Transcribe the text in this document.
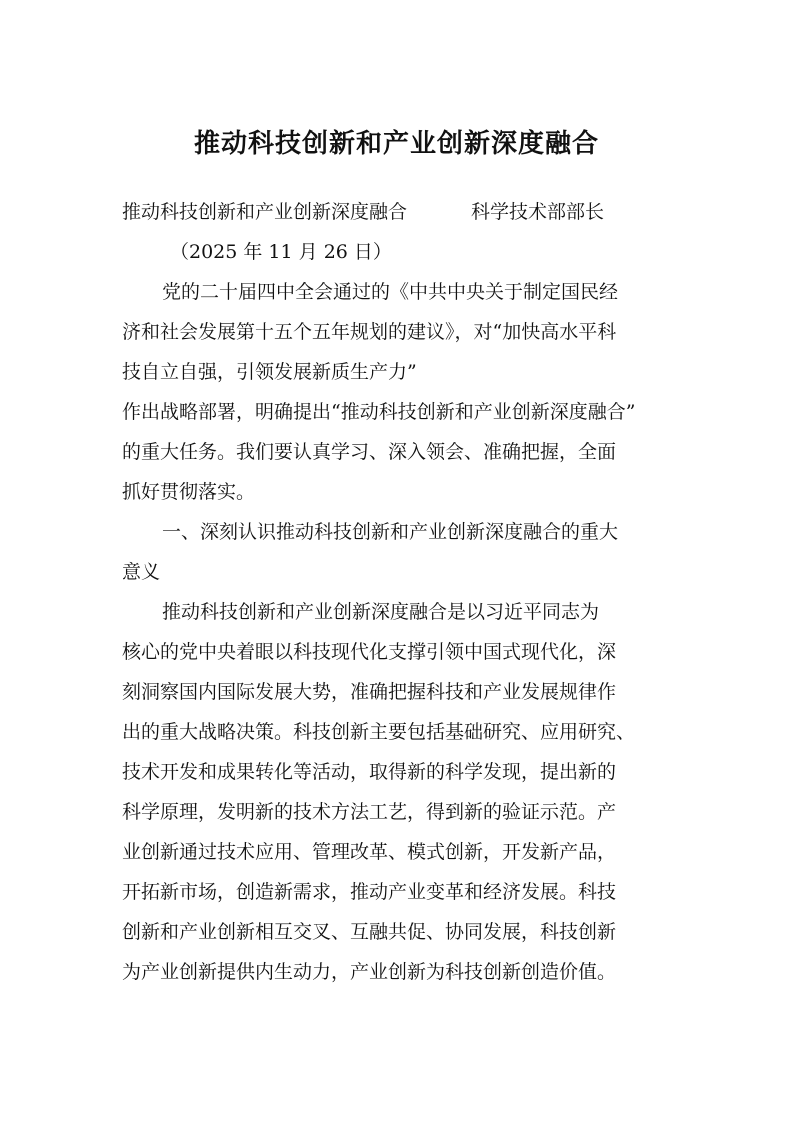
推动科技创新和产业创新深度融合
推动科技创新和产业创新深度融合	科学技术部部长
（2025 年 11 月 26 日）
党的二十届四中全会通过的《中共中央关于制定国民经
济和社会发展第十五个五年规划的建议》，对“加快高水平科
技自立自强，引领发展新质生产力”
作出战略部署，明确提出“推动科技创新和产业创新深度融合”
的重大任务。我们要认真学习、深入领会、准确把握，全面
抓好贯彻落实。
一、深刻认识推动科技创新和产业创新深度融合的重大
意义
推动科技创新和产业创新深度融合是以习近平同志为
核心的党中央着眼以科技现代化支撑引领中国式现代化，深
刻洞察国内国际发展大势，准确把握科技和产业发展规律作
出的重大战略决策。科技创新主要包括基础研究、应用研究、
技术开发和成果转化等活动，取得新的科学发现，提出新的
科学原理，发明新的技术方法工艺，得到新的验证示范。产
业创新通过技术应用、管理改革、模式创新，开发新产品，
开拓新市场，创造新需求，推动产业变革和经济发展。科技
创新和产业创新相互交叉、互融共促、协同发展，科技创新
为产业创新提供内生动力，产业创新为科技创新创造价值。
